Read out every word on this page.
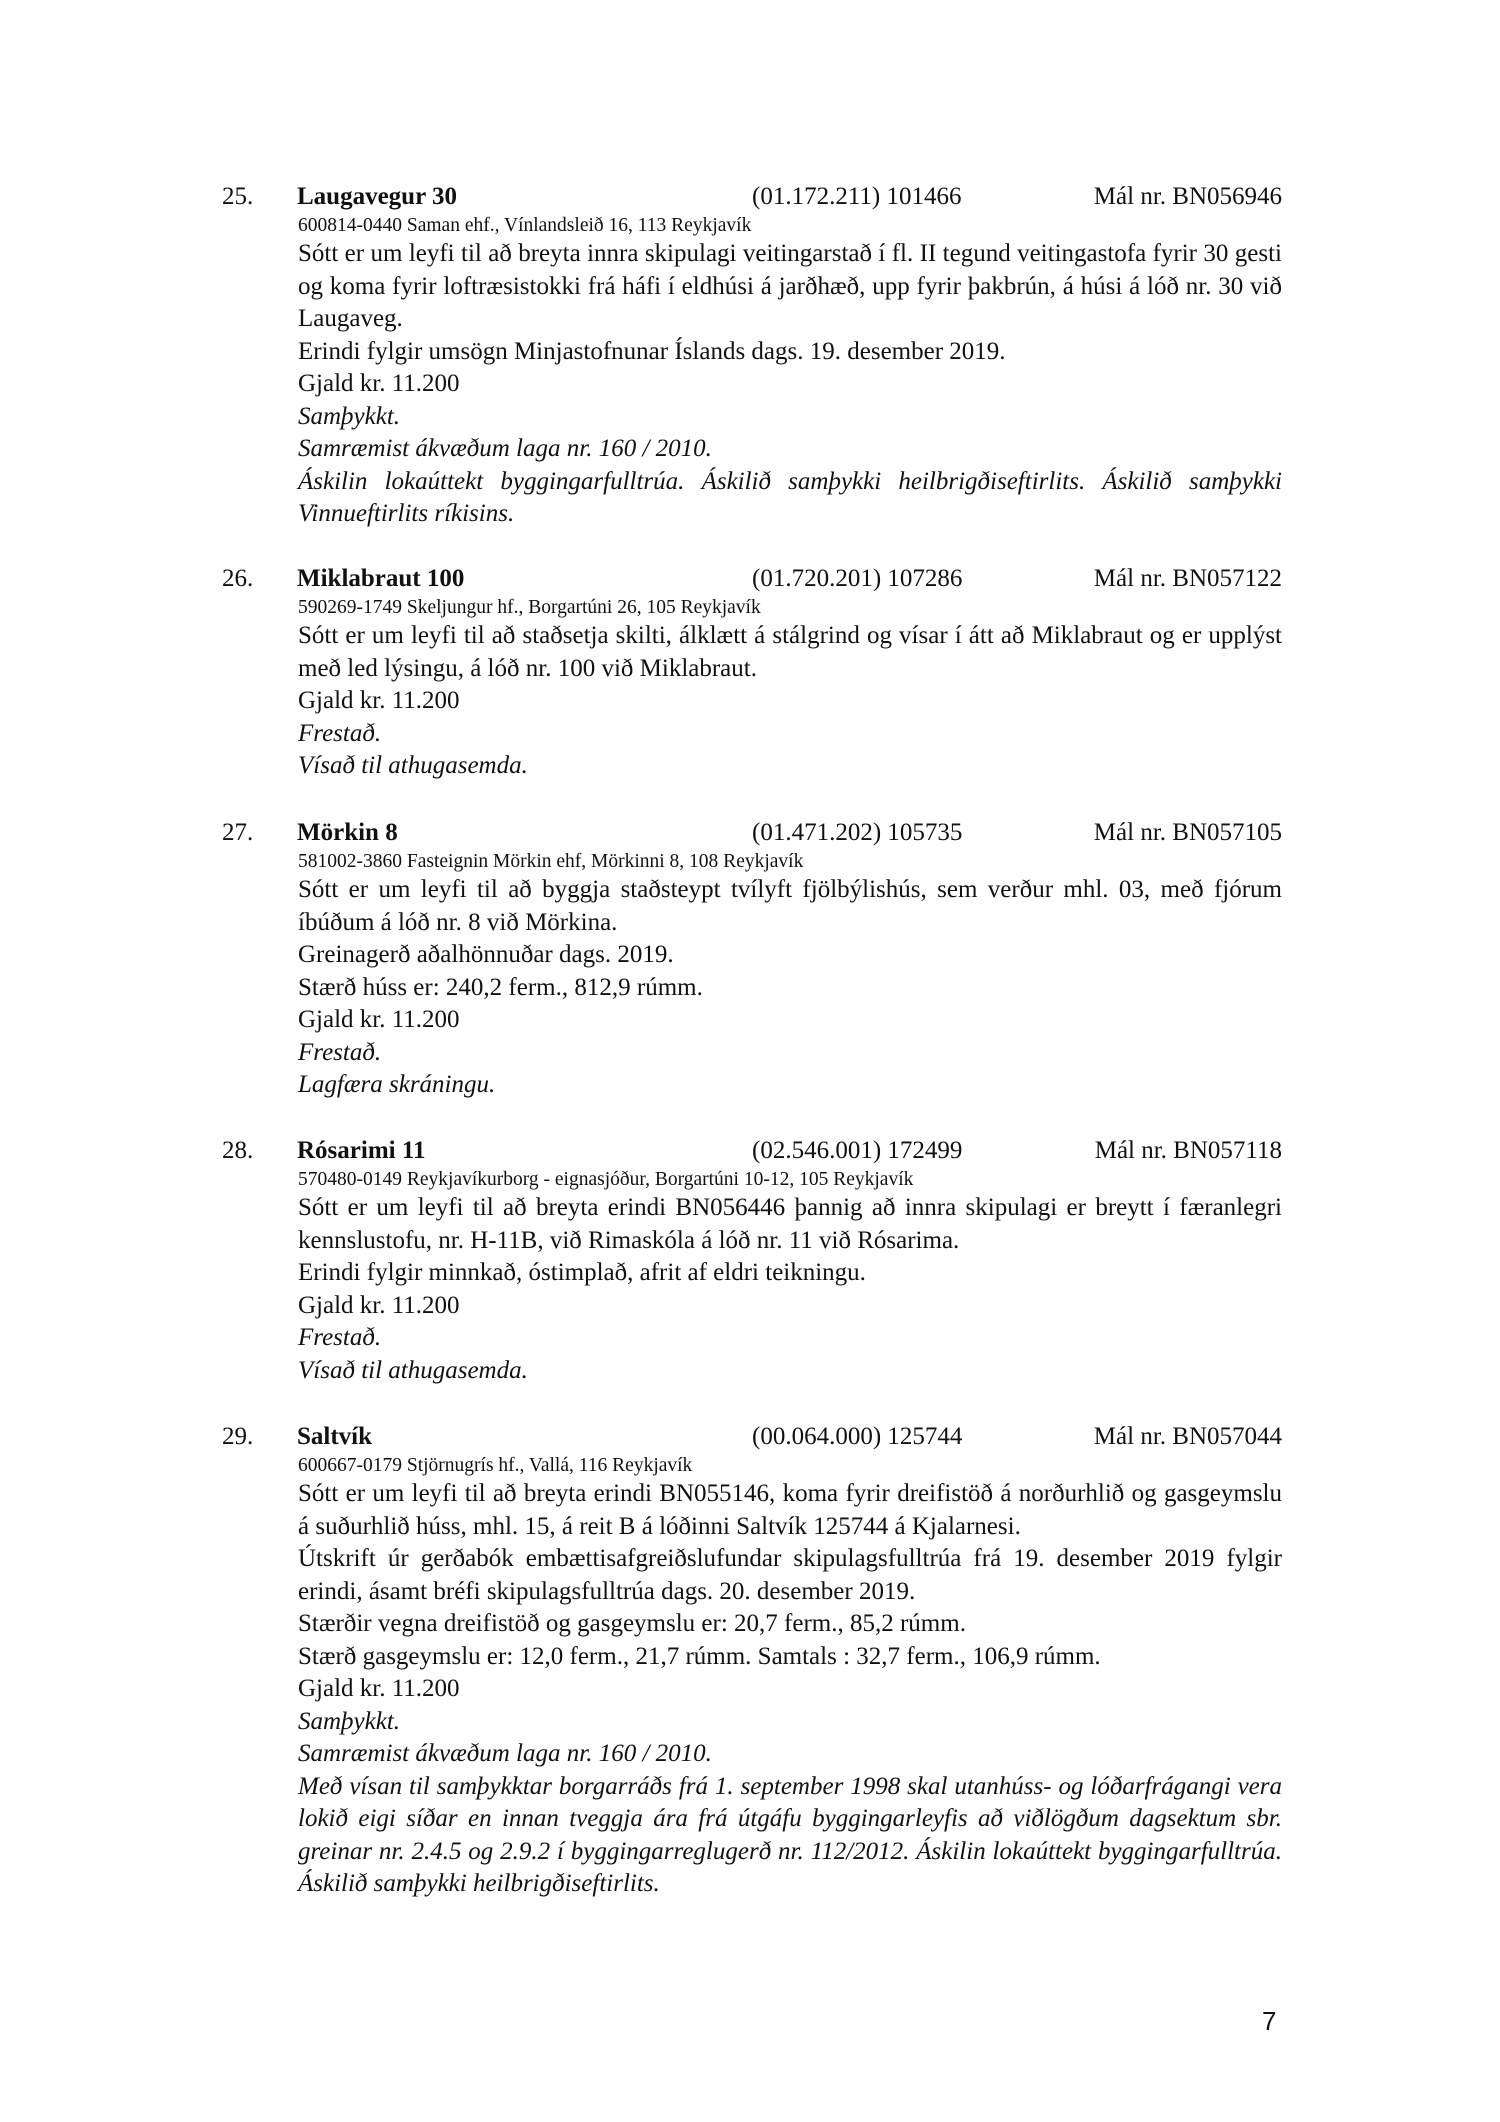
25. Laugavegur 30	(01.172.211) 101466	Mál nr. BN056946
600814-0440 Saman ehf., Vínlandsleið 16, 113 Reykjavík

Sótt er um leyfi til að breyta innra skipulagi veitingarstað í fl. II tegund veitingastofa fyrir 30 gesti og koma fyrir loftræsistokki frá háfi í eldhúsi á jarðhæð, upp fyrir þakbrún, á húsi á lóð nr. 30 við Laugaveg.

Erindi fylgir umsögn Minjastofnunar Íslands dags. 19. desember 2019.

Gjald kr. 11.200

Samþykkt.

Samræmist ákvæðum laga nr. 160 / 2010.

Áskilin lokaúttekt byggingarfulltrúa. Áskilið samþykki heilbrigðiseftirlits. Áskilið samþykki Vinnueftirlits ríkisins.

26. Miklabraut 100	(01.720.201) 107286	Mál nr. BN057122
590269-1749 Skeljungur hf., Borgartúni 26, 105 Reykjavík

Sótt er um leyfi til að staðsetja skilti, álklætt á stálgrind og vísar í átt að Miklabraut og er upplýst með led lýsingu, á lóð nr. 100 við Miklabraut.

Gjald kr. 11.200

Frestað.

Vísað til athugasemda.

27. Mörkin 8	(01.471.202) 105735	Mál nr. BN057105
581002-3860 Fasteignin Mörkin ehf, Mörkinni 8, 108 Reykjavík

Sótt er um leyfi til að byggja staðsteypt tvílyft fjölbýlishús, sem verður mhl. 03, með fjórum íbúðum á lóð nr. 8 við Mörkina.

Greinagerð aðalhönnuðar dags. 2019.

Stærð húss er: 240,2 ferm., 812,9 rúmm.

Gjald kr. 11.200

Frestað.

Lagfæra skráningu.

28. Rósarimi 11	(02.546.001) 172499	Mál nr. BN057118
570480-0149 Reykjavíkurborg - eignasjóður, Borgartúni 10-12, 105 Reykjavík

Sótt er um leyfi til að breyta erindi BN056446 þannig að innra skipulagi er breytt í færanlegri kennslustofu, nr. H-11B, við Rimaskóla á lóð nr. 11 við Rósarima.

Erindi fylgir minnkað, óstimplað, afrit af eldri teikningu.

Gjald kr. 11.200

Frestað.

Vísað til athugasemda.

29. Saltvík	(00.064.000) 125744	Mál nr. BN057044
600667-0179 Stjörnugrís hf., Vallá, 116 Reykjavík

Sótt er um leyfi til að breyta erindi BN055146, koma fyrir dreifistöð á norðurhlið og gasgeymslu á suðurhlið húss, mhl. 15, á reit B á lóðinni Saltvík 125744 á Kjalarnesi.

Útskrift úr gerðabók embættisafgreiðslufundar skipulagsfulltrúa frá 19. desember 2019 fylgir erindi, ásamt bréfi skipulagsfulltrúa dags. 20. desember 2019.

Stærðir vegna dreifistöð og gasgeymslu er: 20,7 ferm., 85,2 rúmm.

Stærð gasgeymslu er: 12,0 ferm., 21,7 rúmm. Samtals : 32,7 ferm., 106,9 rúmm.

Gjald kr. 11.200

Samþykkt.

Samræmist ákvæðum laga nr. 160 / 2010.

Með vísan til samþykktar borgarráðs frá 1. september 1998 skal utanhúss- og lóðarfrágangi vera lokið eigi síðar en innan tveggja ára frá útgáfu byggingarleyfis að viðlögðum dagsektum sbr. greinar nr. 2.4.5 og 2.9.2 í byggingarreglugerð nr. 112/2012. Áskilin lokaúttekt byggingarfulltrúa. Áskilið samþykki heilbrigðiseftirlits.

7
